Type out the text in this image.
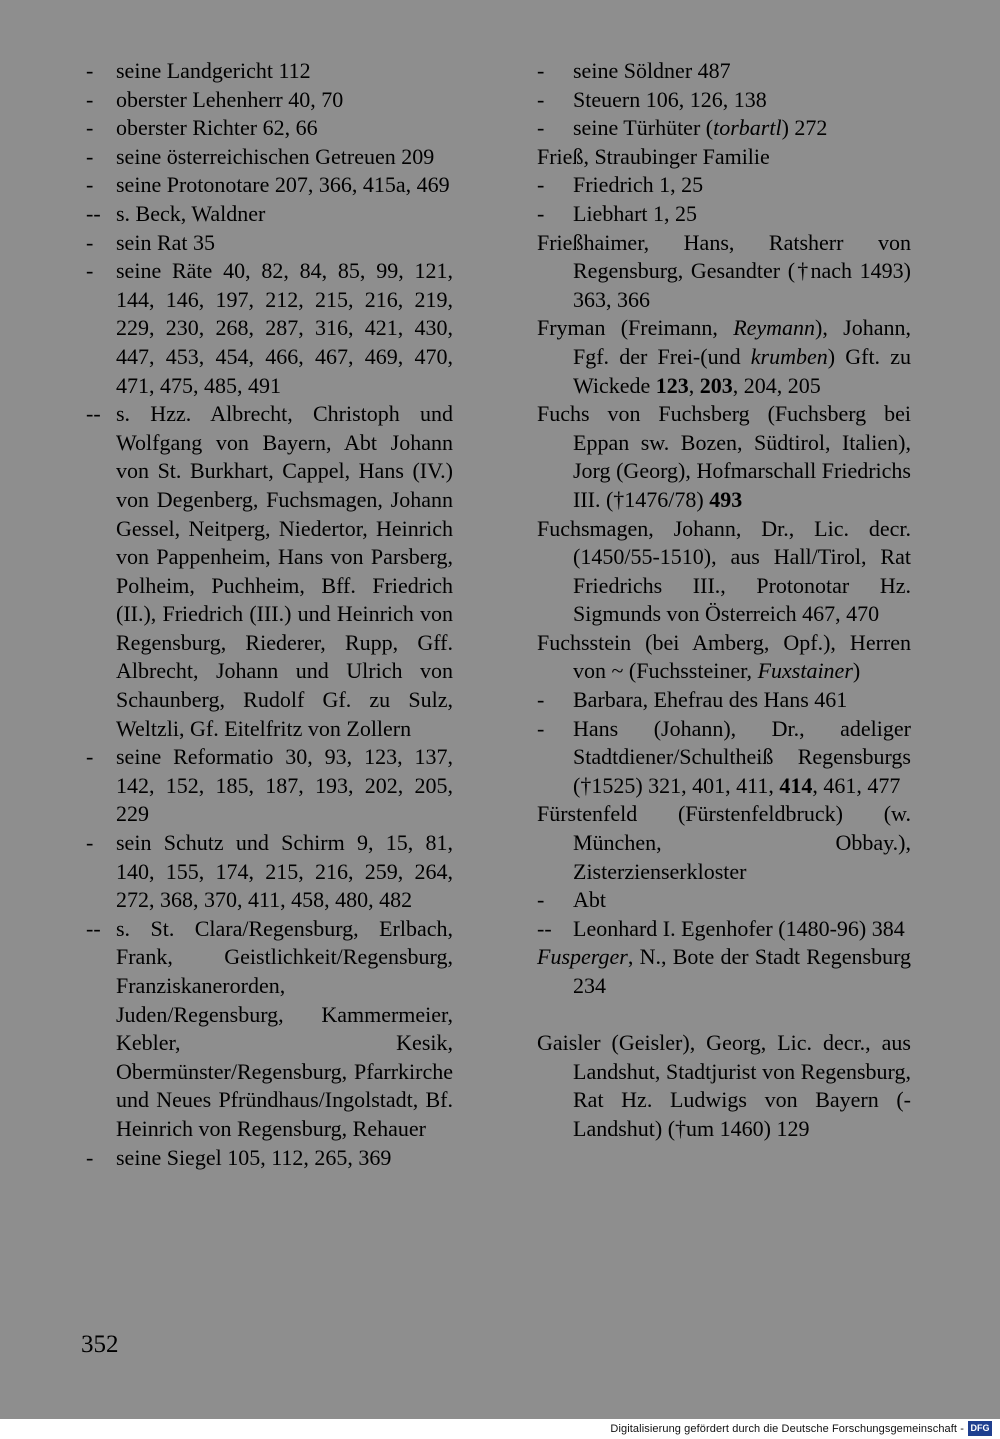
- seine Landgericht 112
- oberster Lehenherr 40, 70
- oberster Richter 62, 66
- seine österreichischen Getreuen 209
- seine Protonotare 207, 366, 415a, 469
-- s. Beck, Waldner
- sein Rat 35
- seine Räte 40, 82, 84, 85, 99, 121, 144, 146, 197, 212, 215, 216, 219, 229, 230, 268, 287, 316, 421, 430, 447, 453, 454, 466, 467, 469, 470, 471, 475, 485, 491
-- s. Hzz. Albrecht, Christoph und Wolfgang von Bayern, Abt Johann von St. Burkhart, Cappel, Hans (IV.) von Degenberg, Fuchsmagen, Johann Gessel, Neitperg, Niedertor, Heinrich von Pappenheim, Hans von Parsberg, Polheim, Puchheim, Bff. Friedrich (II.), Friedrich (III.) und Heinrich von Regensburg, Riederer, Rupp, Gff. Albrecht, Johann und Ulrich von Schaunberg, Rudolf Gf. zu Sulz, Weltzli, Gf. Eitelfritz von Zollern
- seine Reformatio 30, 93, 123, 137, 142, 152, 185, 187, 193, 202, 205, 229
- sein Schutz und Schirm 9, 15, 81, 140, 155, 174, 215, 216, 259, 264, 272, 368, 370, 411, 458, 480, 482
-- s. St. Clara/Regensburg, Erlbach, Frank, Geistlichkeit/Regensburg, Franziskanerorden, Juden/Regensburg, Kammermeier, Kebler, Kesik, Obermünster/Regensburg, Pfarrkirche und Neues Pfründhaus/Ingolstadt, Bf. Heinrich von Regensburg, Rehauer
- seine Siegel 105, 112, 265, 369
- seine Söldner 487
- Steuern 106, 126, 138
- seine Türhüter (torbartl) 272
Frieß, Straubinger Familie
- Friedrich 1, 25
- Liebhart 1, 25
Frießhaimer, Hans, Ratsherr von Regensburg, Gesandter (†nach 1493) 363, 366
Fryman (Freimann, Reymann), Johann, Fgf. der Frei-(und krumben) Gft. zu Wickede 123, 203, 204, 205
Fuchs von Fuchsberg (Fuchsberg bei Eppan sw. Bozen, Südtirol, Italien), Jorg (Georg), Hofmarschall Friedrichs III. (†1476/78) 493
Fuchsmagen, Johann, Dr., Lic. decr. (1450/55-1510), aus Hall/Tirol, Rat Friedrichs III., Protonotar Hz. Sigmunds von Österreich 467, 470
Fuchsstein (bei Amberg, Opf.), Herren von ~ (Fuchssteiner, Fuxstainer)
- Barbara, Ehefrau des Hans 461
- Hans (Johann), Dr., adeliger Stadtdiener/Schultheiß Regensburgs (†1525) 321, 401, 411, 414, 461, 477
Fürstenfeld (Fürstenfeldbruck) (w. München, Obbay.), Zisterzienserkloster
- Abt
-- Leonhard I. Egenhofer (1480-96) 384
Fusperger, N., Bote der Stadt Regensburg 234
Gaisler (Geisler), Georg, Lic. decr., aus Landshut, Stadtjurist von Regensburg, Rat Hz. Ludwigs von Bayern (-Landshut) (†um 1460) 129
352
Digitalisierung gefördert durch die Deutsche Forschungsgemeinschaft - DFG
